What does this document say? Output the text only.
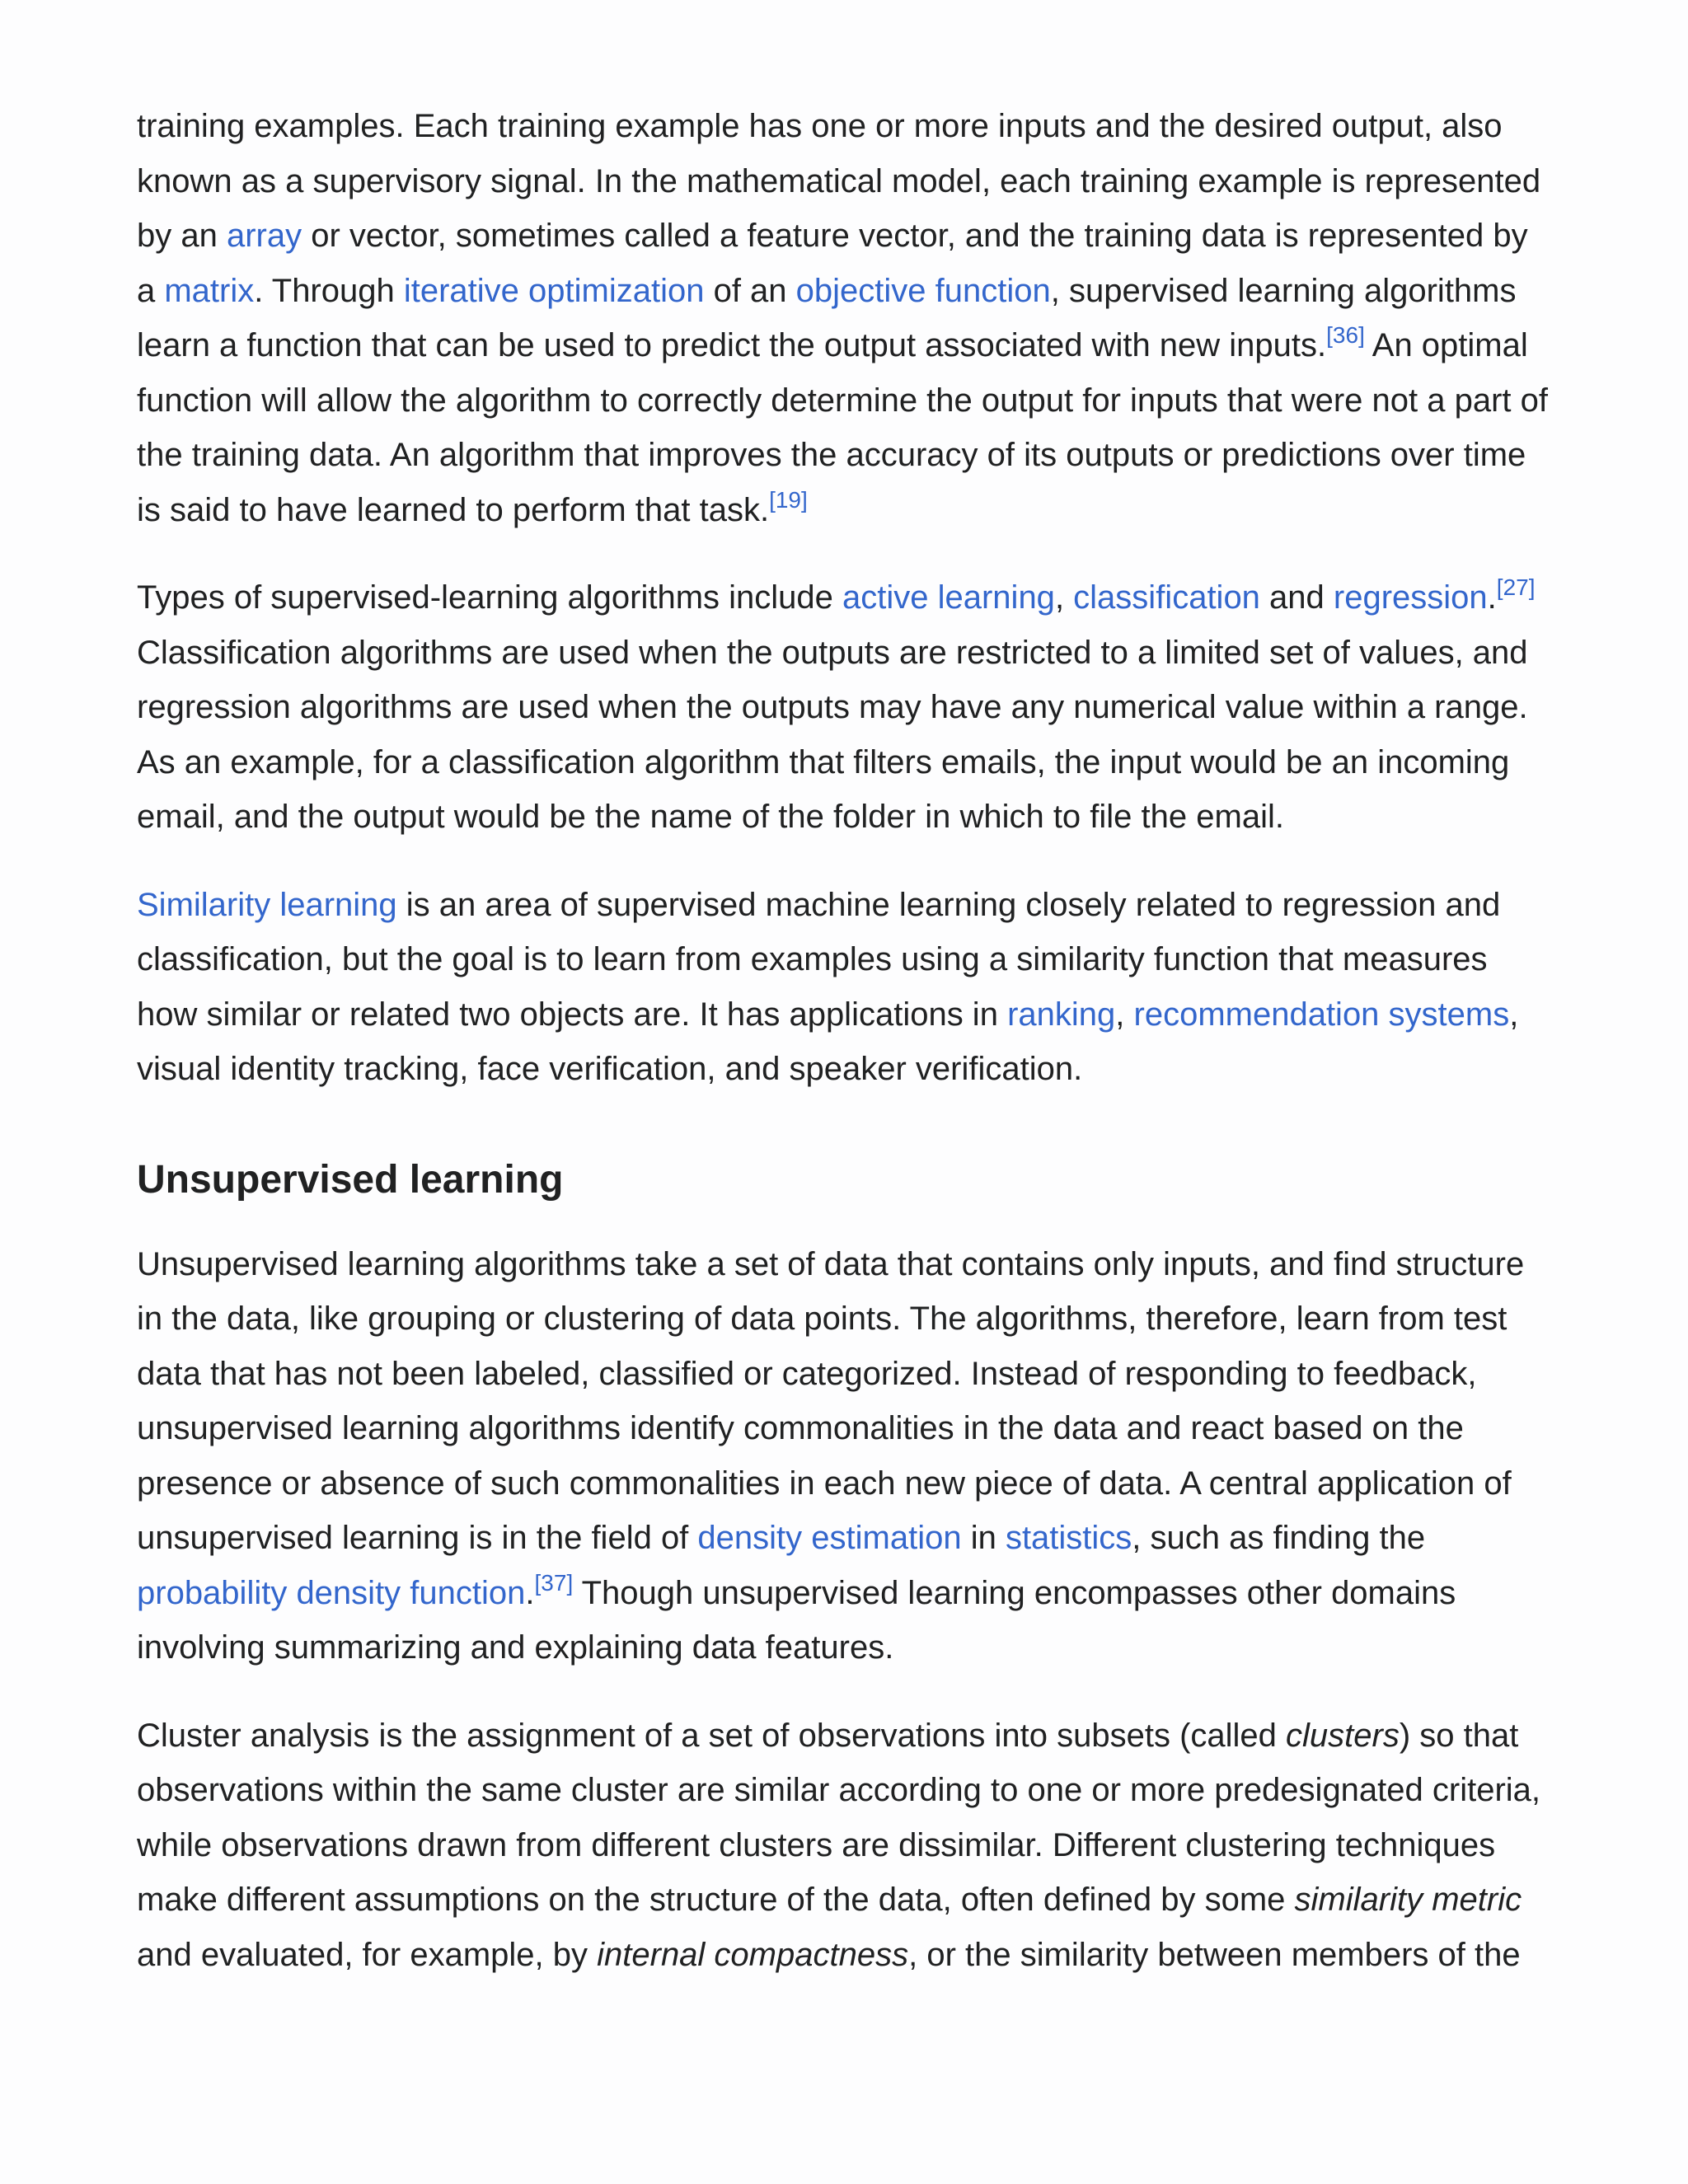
training examples. Each training example has one or more inputs and the desired output, also known as a supervisory signal. In the mathematical model, each training example is represented by an array or vector, sometimes called a feature vector, and the training data is represented by a matrix. Through iterative optimization of an objective function, supervised learning algorithms learn a function that can be used to predict the output associated with new inputs.[36] An optimal function will allow the algorithm to correctly determine the output for inputs that were not a part of the training data. An algorithm that improves the accuracy of its outputs or predictions over time is said to have learned to perform that task.[19]

Types of supervised-learning algorithms include active learning, classification and regression.[27] Classification algorithms are used when the outputs are restricted to a limited set of values, and regression algorithms are used when the outputs may have any numerical value within a range. As an example, for a classification algorithm that filters emails, the input would be an incoming email, and the output would be the name of the folder in which to file the email.

Similarity learning is an area of supervised machine learning closely related to regression and classification, but the goal is to learn from examples using a similarity function that measures how similar or related two objects are. It has applications in ranking, recommendation systems, visual identity tracking, face verification, and speaker verification.

Unsupervised learning

Unsupervised learning algorithms take a set of data that contains only inputs, and find structure in the data, like grouping or clustering of data points. The algorithms, therefore, learn from test data that has not been labeled, classified or categorized. Instead of responding to feedback, unsupervised learning algorithms identify commonalities in the data and react based on the presence or absence of such commonalities in each new piece of data. A central application of unsupervised learning is in the field of density estimation in statistics, such as finding the probability density function.[37] Though unsupervised learning encompasses other domains involving summarizing and explaining data features.

Cluster analysis is the assignment of a set of observations into subsets (called clusters) so that observations within the same cluster are similar according to one or more predesignated criteria, while observations drawn from different clusters are dissimilar. Different clustering techniques make different assumptions on the structure of the data, often defined by some similarity metric and evaluated, for example, by internal compactness, or the similarity between members of the
